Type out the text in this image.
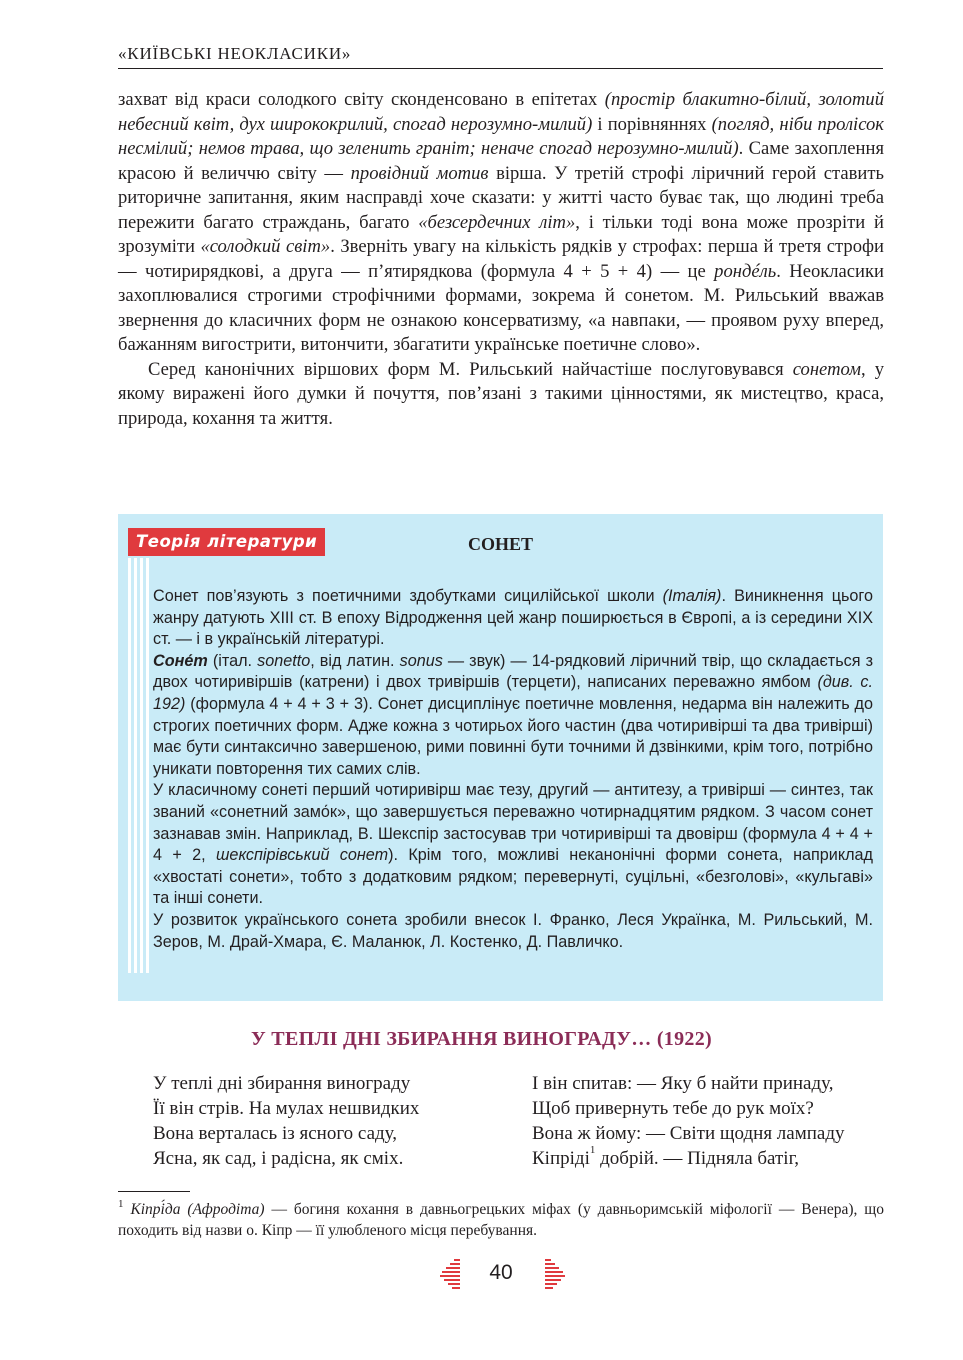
«КИЇВСЬКІ НЕОКЛАСИКИ»

захват від краси солодкого світу сконденсовано в епітетах (простір блакитно-білий, золотий небесний квіт, дух ширококрилий, спогад нерозумно-милий) і порівняннях (погляд, ніби пролісок несмілий; немов трава, що зеленить граніт; неначе спогад нерозумно-милий). Саме захоплення красою й величчю світу — провідний мотив вірша. У третій строфі ліричний герой ставить риторичне запитання, яким насправді хоче сказати: у житті часто буває так, що людині треба пережити багато страждань, багато «безсердечних літ», і тільки тоді вона може прозріти й зрозуміти «солодкий світ». Зверніть увагу на кількість рядків у строфах: перша й третя строфи — чотирирядкові, а друга — п’ятирядкова (формула 4 + 5 + 4) — це рондéль. Неокласики захоплювалися строгими строфічними формами, зокрема й сонетом. М. Рильський вважав звернення до класичних форм не ознакою консерватизму, «а навпаки, — проявом руху вперед, бажанням вигострити, витончити, збагатити українське поетичне слово».

Серед канонічних віршових форм М. Рильський найчастіше послуговувався сонетом, у якому виражені його думки й почуття, пов’язані з такими цінностями, як мистецтво, краса, природа, кохання та життя.

Теорія літератури	СОНЕТ

Сонет пов’язують з поетичними здобутками сицилійської школи (Італія). Виникнення цього жанру датують XIII ст. В епоху Відродження цей жанр поширюється в Європі, а із середини XIX ст. — і в українській літературі.

Соне́т (італ. sonetto, від латин. sonus — звук) — 14-рядковий ліричний твір, що складається з двох чотиривіршів (катрени) і двох тривіршів (терцети), написаних переважно ямбом (див. с. 192) (формула 4 + 4 + 3 + 3). Сонет дисциплінує поетичне мовлення, недарма він належить до строгих поетичних форм. Адже кожна з чотирьох його частин (два чотиривірші та два тривірші) має бути синтаксично завершеною, рими повинні бути точними й дзвінкими, крім того, потрібно уникати повторення тих самих слів.

У класичному сонеті перший чотиривірш має тезу, другий — антитезу, а тривірші — синтез, так званий «сонетний замо́к», що завершується переважно чотирнадцятим рядком. З часом сонет зазнавав змін. Наприклад, В. Шекспір застосував три чотиривірші та двовірш (формула 4 + 4 + 4 + 2, шекспірівський сонет). Крім того, можливі неканонічні форми сонета, наприклад «хвостаті сонети», тобто з додатковим рядком; перевернуті, суцільні, «безголові», «кульгаві» та інші сонети.

У розвиток українського сонета зробили внесок І. Франко, Леся Українка, М. Рильський, М. Зеров, М. Драй-Хмара, Є. Маланюк, Л. Костенко, Д. Павличко.

У ТЕПЛІ ДНІ ЗБИРАННЯ ВИНОГРАДУ… (1922)
У теплі дні збирання винограду
Її він стрів. На мулах нешвидких
Вона верталась із ясного саду,
Ясна, як сад, і радісна, як сміх.
І він спитав: — Яку б найти принаду,
Щоб привернуть тебе до рук моїх?
Вона ж йому: — Світи щодня лампаду
Кіпріді$^1$ добрій. — Підняла батіг,

$^1$ Кіпрі́да (Афродіта) — богиня кохання в давньогрецьких міфах (у давньоримській міфології — Венера), що походить від назви о. Кіпр — її улюбленого місця перебування.

40
